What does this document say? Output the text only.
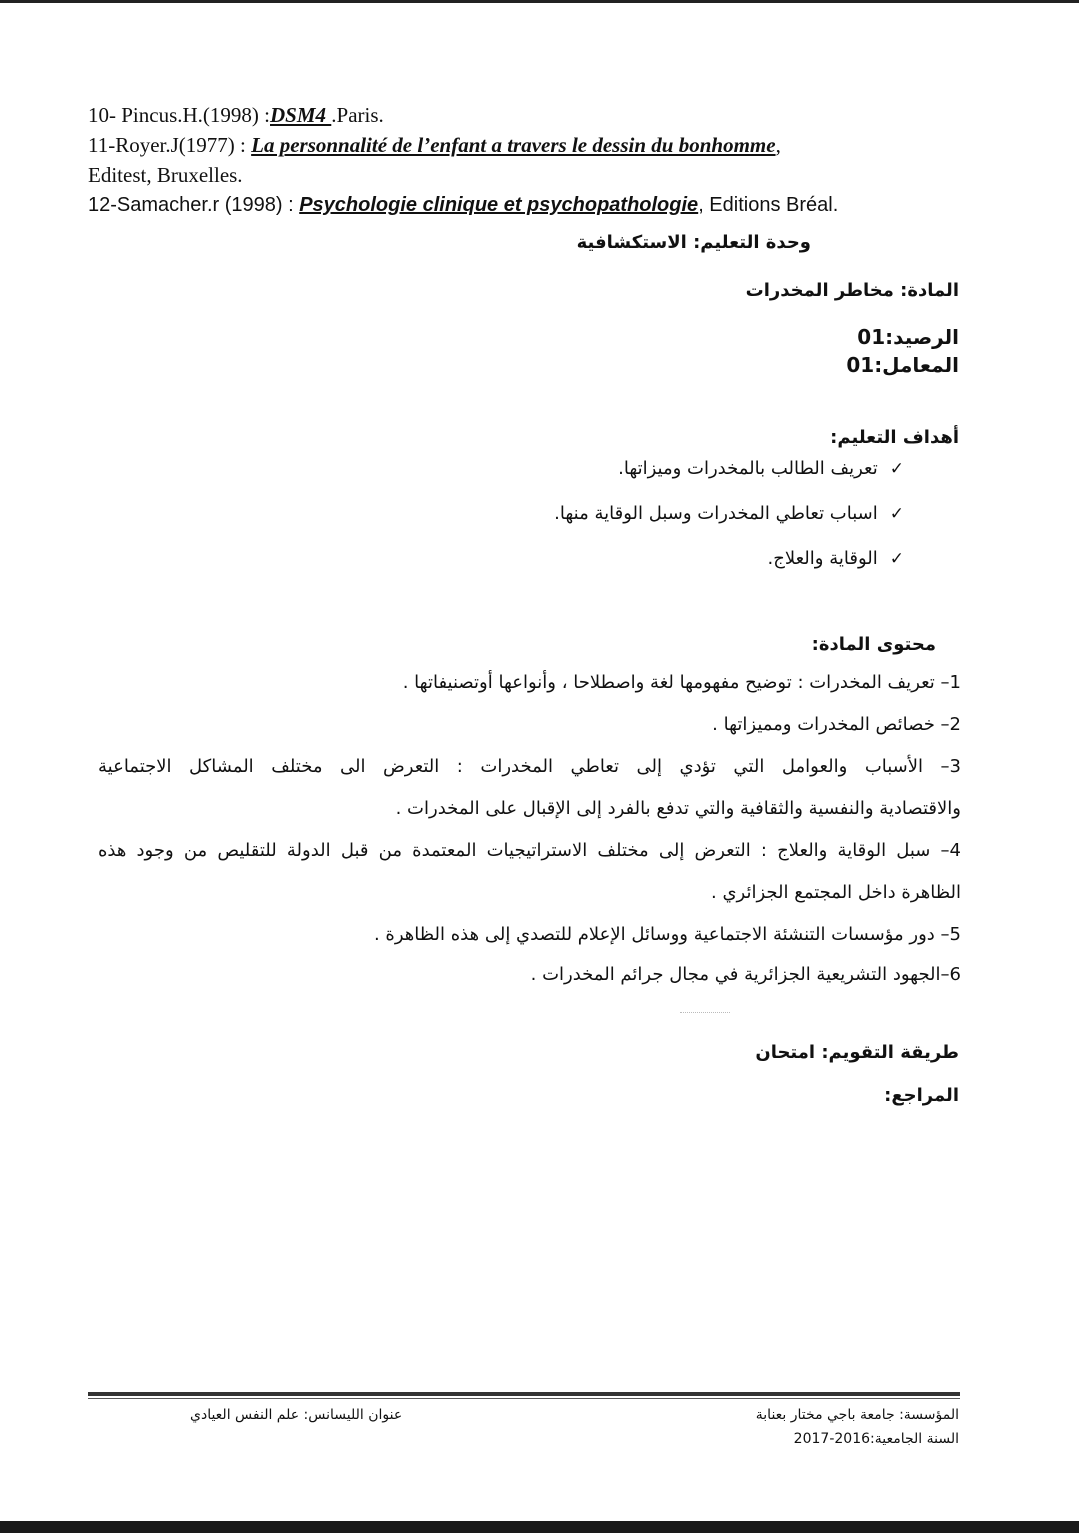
10- Pincus.H.(1998) :DSM4 .Paris.
11-Royer.J(1977) : La personnalité de l’enfant a travers le dessin du bonhomme,
Editest, Bruxelles.
12-Samacher.r (1998) : Psychologie clinique et psychopathologie, Editions Bréal.
وحدة التعليم: الاستكشافية
المادة: مخاطر المخدرات
الرصيد:01
المعامل:01
أهداف التعليم:
✓تعريف الطالب بالمخدرات وميزاتها.
✓اسباب تعاطي المخدرات وسبل الوقاية منها.
✓الوقاية والعلاج.
محتوى المادة:
1– تعريف المخدرات : توضيح مفهومها لغة واصطلاحا ، وأنواعها أوتصنيفاتها .
2– خصائص المخدرات ومميزاتها .
3– الأسباب والعوامل التي تؤدي إلى تعاطي المخدرات : التعرض الى مختلف المشاكل الاجتماعية
والاقتصادية والنفسية والثقافية والتي تدفع بالفرد إلى الإقبال على المخدرات .
4– سبل الوقاية والعلاج : التعرض إلى مختلف الاستراتيجيات المعتمدة من قبل الدولة للتقليص من وجود هذه
الظاهرة داخل المجتمع الجزائري .
5– دور مؤسسات التنشئة الاجتماعية ووسائل الإعلام للتصدي إلى هذه الظاهرة .
6–الجهود التشريعية الجزائرية في مجال جرائم المخدرات .
طريقة التقويم: امتحان
المراجع:
المؤسسة: جامعة باجي مختار بعنابة
السنة الجامعية:2016-2017
عنوان الليسانس: علم النفس العيادي
